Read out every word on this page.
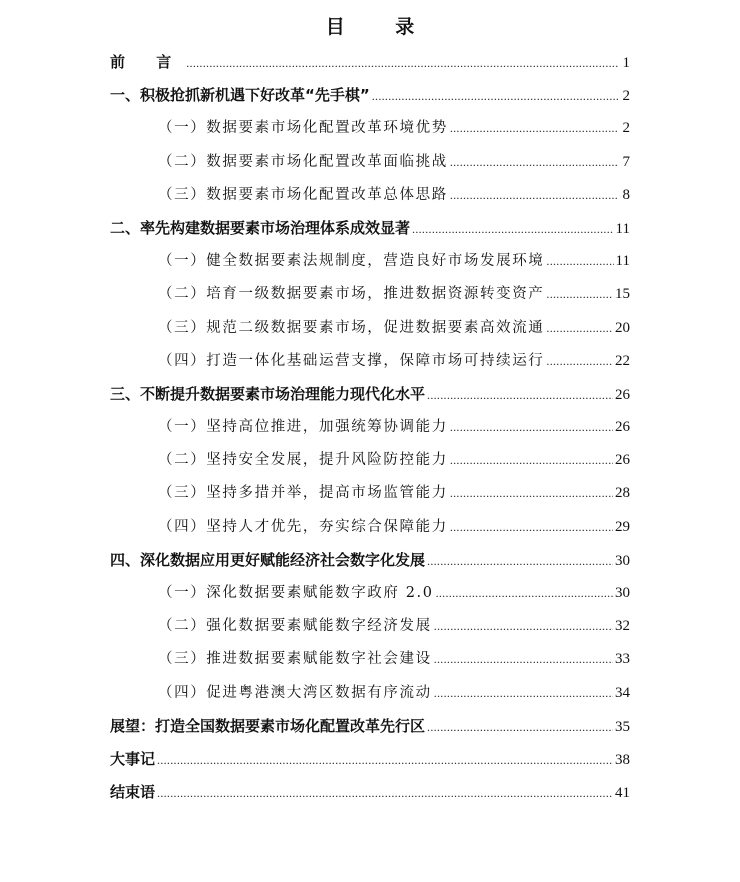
目 录
前 言 .....	1
一、积极抢抓新机遇下好改革“先手棋” .....	2
（一）数据要素市场化配置改革环境优势 .....	2
（二）数据要素市场化配置改革面临挑战 .....	7
（三）数据要素市场化配置改革总体思路 .....	8
二、率先构建数据要素市场治理体系成效显著 .....	11
（一）健全数据要素法规制度，营造良好市场发展环境 .....	11
（二）培育一级数据要素市场，推进数据资源转变资产 .....	15
（三）规范二级数据要素市场，促进数据要素高效流通 .....	20
（四）打造一体化基础运营支撑，保障市场可持续运行 .....	22
三、不断提升数据要素市场治理能力现代化水平 .....	26
（一）坚持高位推进，加强统筹协调能力 .....	26
（二）坚持安全发展，提升风险防控能力 .....	26
（三）坚持多措并举，提高市场监管能力 .....	28
（四）坚持人才优先，夯实综合保障能力 .....	29
四、深化数据应用更好赋能经济社会数字化发展 .....	30
（一）深化数据要素赋能数字政府 2.0 .....	30
（二）强化数据要素赋能数字经济发展 .....	32
（三）推进数据要素赋能数字社会建设 .....	33
（四）促进粤港澳大湾区数据有序流动 .....	34
展望：打造全国数据要素市场化配置改革先行区 .....	35
大事记 .....	38
结束语 .....	41
